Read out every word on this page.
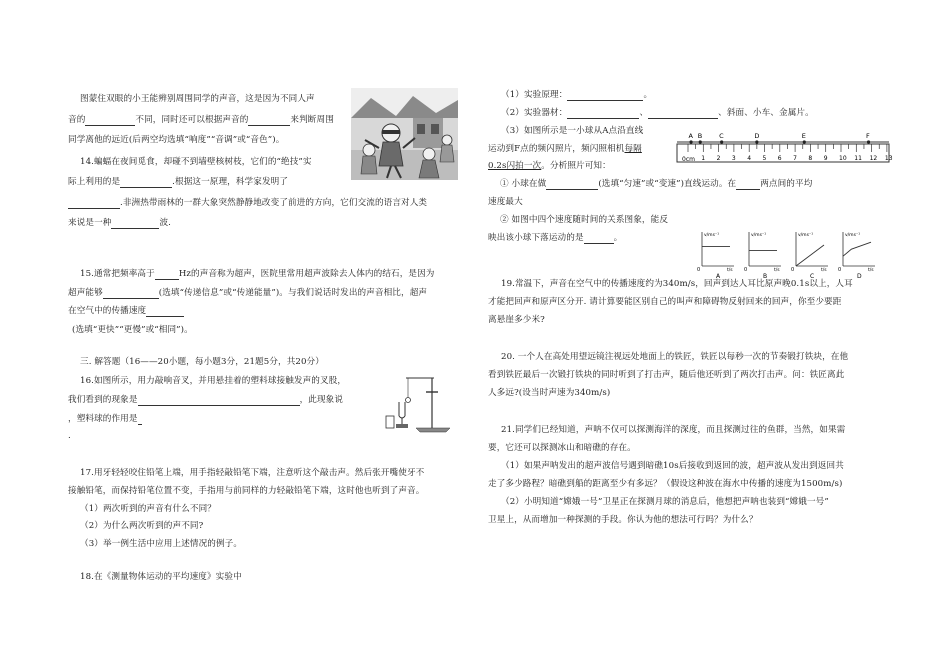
图蒙住双眼的小王能辨别周围同学的声音，这是因为不同人声
音的	不同，同时还可以根据声音的	来判断周围
同学离他的远近(后两空均选填“响度”“音调”或“音色”)。
14.蝙蝠在夜间觅食，却碰不到墙壁核树枝，它们的“绝技”实
际上利用的是	.根据这一原理，科学家发明了
.非洲热带雨林的一群大象突然静静地改变了前进的方向，它们交流的语言对人类
来说是一种	波.
15.通常把频率高于	Hz的声音称为超声，医院里常用超声波除去人体内的结石，是因为
超声能够	(选填“传递信息”或“传递能量”)。与我们说话时发出的声音相比，超声
在空气中的传播速度
(选填“更快”“更慢”或“相同”)。
三. 解答题（16——20小题，每小题3分，21题5分，共20分）
16.如图所示，用力敲响音叉，并用悬挂着的塑料球接触发声的叉股，
我们看到的现象是	，此现象说
，塑料球的作用是
.
17.用牙轻轻咬住铅笔上端，用手指轻敲铅笔下端，注意听这个敲击声。然后张开嘴使牙不
接触铅笔，而保持铅笔位置不变，手指用与前同样的力轻敲铅笔下端，这时他也听到了声音。
（1）两次听到的声音有什么不同？
（2）为什么两次听到的声不同?
（3）举一例生活中应用上述情况的例子。
18.在《测量物体运动的平均速度》实验中
（1）实验原理：	。
（2）实验器材：	、	、斜面、小车、金属片。
（3）如图所示是一小球从A点沿直线
运动到F点的频闪照片，频闪照相机每隔
0.2s闪拍一次。分析照片可知：
1 2 3 4 5 6 7 8 9 10 11 12 13
A B	C	D	E	F
0cm
① 小球在做	(选填“匀速”或“变速”)直线运动。在	两点间的平均
速度最大
② 如图中四个速度随时间的关系图象，能反
映出该小球下落运动的是	。	v/ms⁻¹
0	t/s
A
v/ms⁻¹
0	t/s
B
v/ms⁻¹
0	t/s
C
v/ms⁻¹
0	t/s
D
19.常温下，声音在空气中的传播速度约为340m/s，回声到达人耳比原声晚0.1s以上，人耳
才能把回声和原声区分开. 请计算要能区别自己的叫声和障碍物反射回来的回声，你至少要距
离悬崖多少米?
20. 一个人在高处用望远镜注视远处地面上的铁匠，铁匠以每秒一次的节奏锻打铁块，在他
看到铁匠最后一次锻打铁块的同时听到了打击声，随后他还听到了两次打击声。问：铁匠离此
人多远?(设当时声速为340m/s)
21.同学们已经知道，声呐不仅可以探测海洋的深度，而且探测过往的鱼群，当然，如果需
要，它还可以探测冰山和暗礁的存在。
（1）如果声呐发出的超声波信号遇到暗礁10s后接收到返回的波，超声波从发出到返回共
走了多少路程？暗礁到船的距离至少有多远？（假设这种波在海水中传播的速度为1500m/s)
（2）小明知道“嫦娥一号”卫星正在探测月球的消息后，他想把声呐也装到“嫦娥一号”
卫星上，从而增加一种探测的手段。你认为他的想法可行吗？为什么？
